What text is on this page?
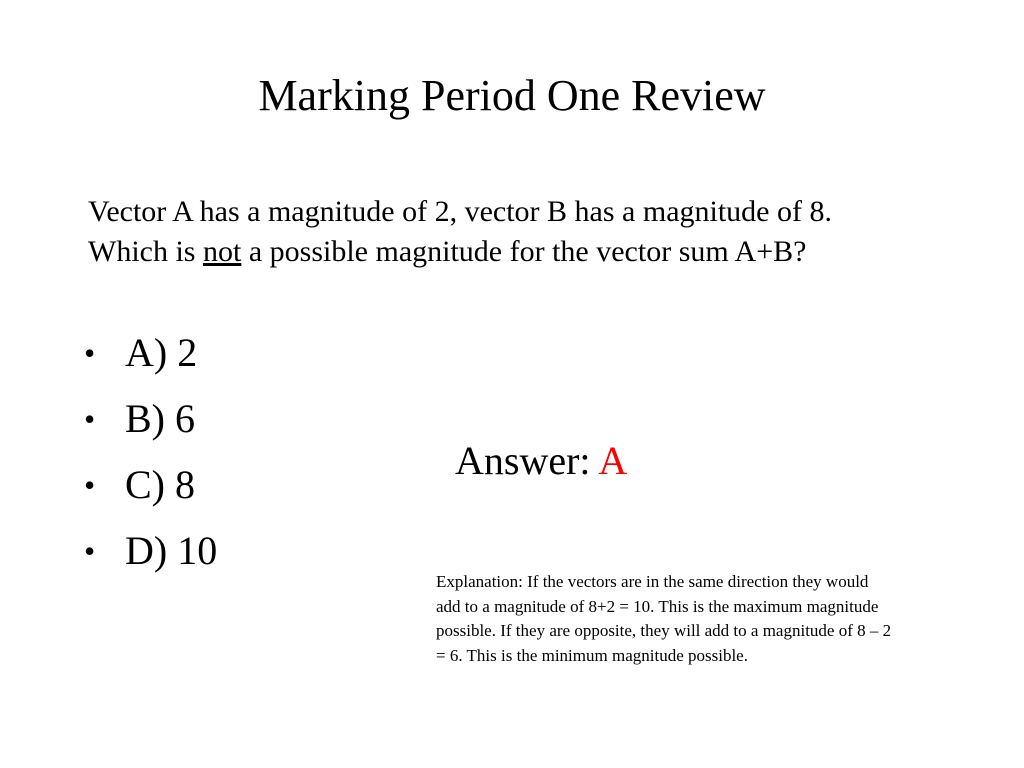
Marking Period One Review
Vector A has a magnitude of 2, vector B has a magnitude of 8.
Which is not a possible magnitude for the vector sum A+B?
• A) 2
• B) 6
• C) 8
• D) 10
Answer: A
Explanation: If the vectors are in the same direction they would
add to a magnitude of 8+2 = 10. This is the maximum magnitude
possible. If they are opposite, they will add to a magnitude of 8 – 2
= 6. This is the minimum magnitude possible.
